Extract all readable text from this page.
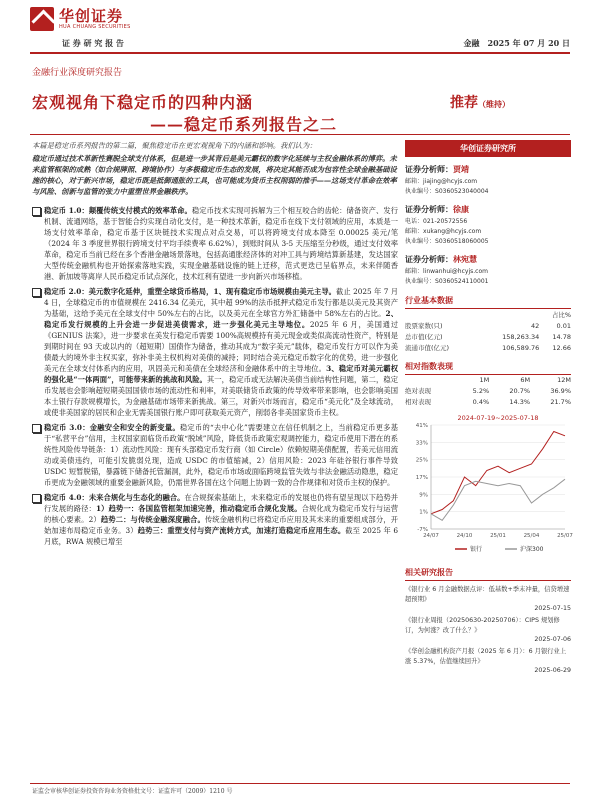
华创证券
HUA CHUANG SECURITIES
证 券 研 究 报 告	金融　2025 年 07 月 20 日
金融行业深度研究报告
宏观视角下稳定币的四种内涵
——稳定币系列报告之二
推荐（维持）

本篇是稳定币系列报告的第二篇，聚焦稳定币在更宏观视角下的内涵和影响。我们认为：

稳定币通过技术革新性赛脱全球支付体系，但是进一步其背后是美元霸权的数字化延续与主权金融体系的博弈。未来监管框架的成熟（如合规牌照、跨境协作）与多极稳定币生态的发展，将决定其能否成为包容性全球金融基础设施的核心，对于新兴市场，稳定币既是抵御通胀的工具，也可能成为货币主权削弱的推手——这场支付革命在效率与风险、创新与监管的张力中重塑世界金融秩序。

稳定币 1.0：颠覆传统支付模式的效率革命。稳定币技术实现可拆解为三个相互咬合的齿轮：储备资产、发行机制、流通网络，基于智能合约实现自动化支付，是一种技术革新，稳定币在线下支付领域的应用，本质是一场支付效率革命，稳定币基于区块链技术实现点对点交易，可以将跨境支付成本降至 0.00025 美元/笔（2024 年 3 季度世界银行跨境支付平均手续费率 6.62%），到账时间从 3-5 天压缩至分秒级，通过支付效率革命，稳定币当前已经在多个香港金融场景落地，包括高通胀经济体的对冲工具与跨境结算新基建，发达国家大型传统金融机构也开始探索落地实践，实现金融基础设施的链上迁移，范式更迭已呈临界点，未来伴随香港、新加坡等离岸人民币稳定币试点深化，技术红利有望进一步向新兴市场移植。

稳定币 2.0：美元数字化延伸，重塑全球货币格局，1、现有稳定币市场规模由美元主导。截止 2025 年 7 月 4 日，全球稳定币的市值规模在 2416.34 亿美元，其中超 99%的法币抵押式稳定币发行都是以美元及其资产为基础，这给予美元在全球支付中 50%左右的占比，以及美元在全球官方外汇储备中 58%左右的占比。2、稳定币发行规模的上升会进一步促进美债需求，进一步强化美元主导地位。2025 年 6 月，美国通过《GENIUS 法案》，进一步要求在美发行稳定币需要 100%高规模持有美元现金或类似高流动性资产，特别是到期时间在 93 天或以内的（超短期）国债作为储备，推动其成为“数字美元”载体，稳定币发行方可以作为美债最大的境外非主权买家，弥补非美主权机构对美债的减持；同时结合美元稳定币数字化的优势，进一步强化美元在全球支付体系内的应用，巩固美元和美债在全球经济和金融体系中的主导地位。3、稳定币对美元霸权的强化是“一体两面”，可能带来新的挑战和风险。其一，稳定币或无法解决美债当前结构性问题，第二，稳定币发展也会影响超短期美国国债市场的流动性和利率，对美联储货币政策的传导效率带来影响，也会影响美国本土银行存款规模增长，为金融基础市场带来新挑战。第三，对新兴市场而言，稳定币“美元化”及全球流动，或使非美国家的居民和企业无需美国银行账户即可获取美元资产，削弱各非美国家货币主权。

稳定币 3.0：金融安全和安全的新变量。稳定币的“去中心化”需要建立在信任机制之上，当前稳定币更多基于“私营平台”信用，主权国家面临货币政策“脱域”风险，降低货币政策宏观调控能力，稳定币使用下潜在的系统性风险传导链条：1）流动性风险：现有头部稳定币发行商（如 Circle）依赖短期美债配置，若美元信用流动或美债违约，可能引发脆弱兑现，造成 USDC 的市值缩减，2）信用风险：2023 年硅谷银行事件导致 USDC 短暂脱锚，暴露链下储备托管漏洞，此外，稳定币市场或面临跨境监管失效与非法金融活动隐患，稳定币更成为金融领域的重要金融新风险，仍需世界各国在这个问题上协调一致的合作规律和对货币主权的保护。

稳定币 4.0：未来合规化与生态化的融合。在合规探索基础上，未来稳定币的发展也仍将有望呈现以下趋势并行发展的路径：1）趋势一：各国监管框架加速完善，推动稳定币合规化发展。合规化成为稳定币发行与运营的核心要素。2）趋势二：与传统金融深度融合。传统金融机构已将稳定币应用及其未来的重要组成部分，开始加速布局稳定币业务。3）趋势三：重塑支付与资产流转方式，加速打造稳定币应用生态。截至 2025 年 6 月底，RWA 规模已增至

华创证券研究所
证券分析师：贾靖
邮箱：jiajing@hcyjs.com
执业编号：S0360523040004
证券分析师：徐康
电话：021-20572556
邮箱：xukang@hcyjs.com
执业编号：S0360518060005
证券分析师：林宛慧
邮箱：linwanhui@hcyjs.com
执业编号：S0360524110001
行业基本数据
		占比%
股票家数(只)	42	0.01
总市值(亿元)	158,263.34	14.78
流通市值(亿元)	106,589.76	12.66
相对指数表现
	1M	6M	12M
绝对表现	5.2%	20.7%	36.9%
相对表现	0.4%	14.3%	21.7%
2024-07-19~2025-07-18
41%
33%
25%
17%
9%
1%
-7%
24/07	24/10	25/01	25/04	25/07
银行	沪深300
相关研究报告
《银行业 6 月金融数据点评：低基数+季末冲量，信贷增速超预期》
2025-07-15
《银行业周报（20250630-20250706）：CIPS 规划修订，为何涨？改了什么？》
2025-07-06
《华创金融机构资产月报（2025 年 6 月）：6 月银行业上涨 5.37%，估值继续回升》
2025-06-29
证监会审核华创证券投资咨询业务资格批文号：证监许可（2009）1210 号
